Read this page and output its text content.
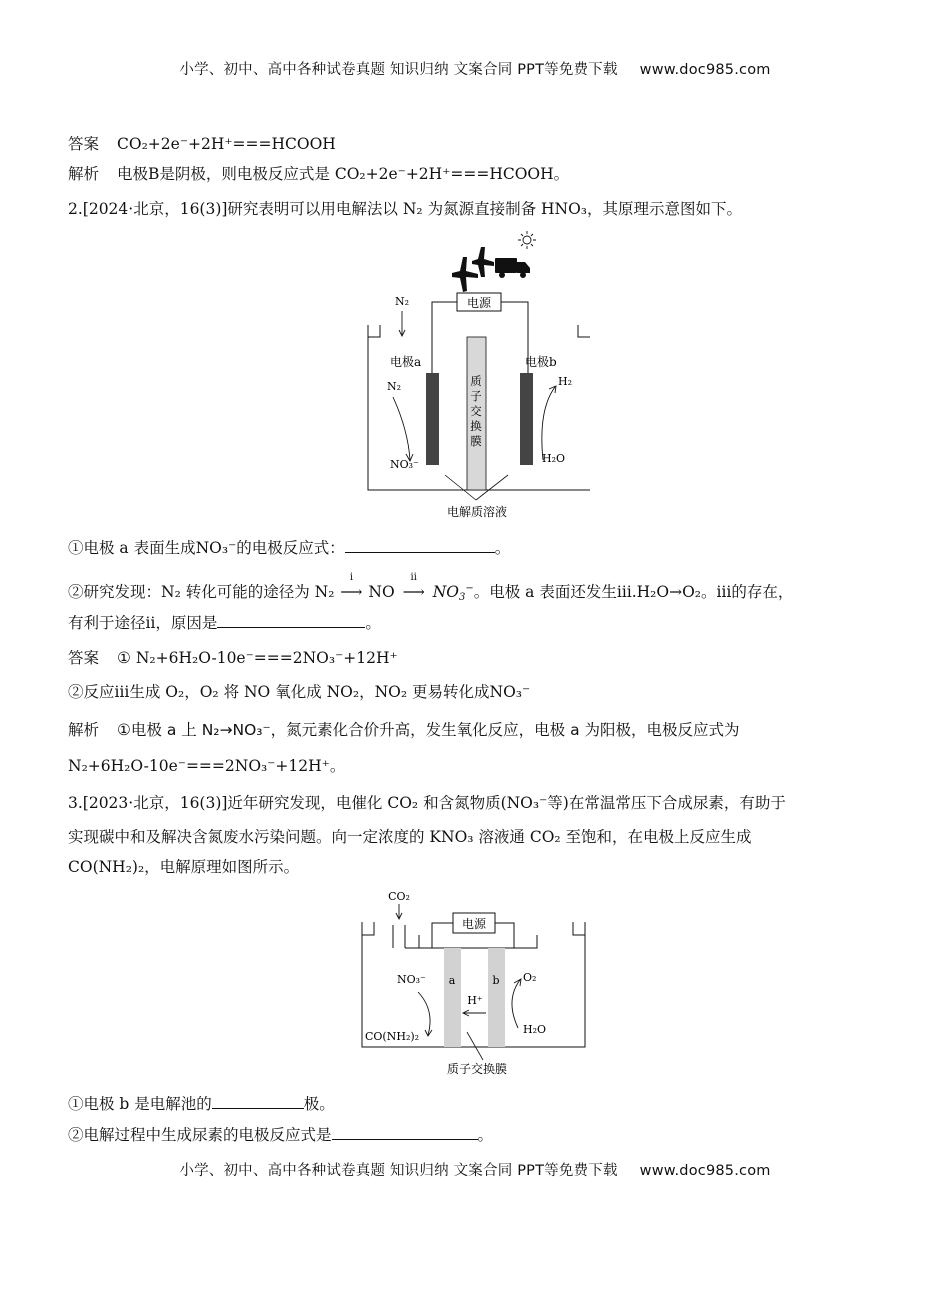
小学、初中、高中各种试卷真题 知识归纳 文案合同 PPT等免费下载 www.doc985.com
答案 CO₂+2e⁻+2H⁺===HCOOH
解析 电极B是阴极，则电极反应式是 CO₂+2e⁻+2H⁺===HCOOH。
2.[2024·北京，16(3)]研究表明可以用电解法以 N₂ 为氮源直接制备 HNO₃，其原理示意图如下。
电源
N₂
质子交换膜
电极a	电极b
N₂
NO₃⁻
H₂
H₂O
电解质溶液
①电极 a 表面生成NO₃⁻的电极反应式：	。
②研究发现：N₂ 转化可能的途径为 N₂
ⅰ
⟶ NO
ⅱ
⟶ $NO_3^-$。电极 a 表面还发生ⅲ.H₂O→O₂。ⅲ的存在，
有利于途径ⅱ，原因是	。
答案 ① N₂+6H₂O-10e⁻===2NO₃⁻+12H⁺
②反应ⅲ生成 O₂，O₂ 将 NO 氧化成 NO₂，NO₂ 更易转化成NO₃⁻
解析 ①电极 a 上 N₂→NO₃⁻，氮元素化合价升高，发生氧化反应，电极 a 为阳极，电极反应式为
N₂+6H₂O-10e⁻===2NO₃⁻+12H⁺。
3.[2023·北京，16(3)]近年研究发现，电催化 CO₂ 和含氮物质(NO₃⁻等)在常温常压下合成尿素，有助于
实现碳中和及解决含氮废水污染问题。向一定浓度的 KNO₃ 溶液通 CO₂ 至饱和，在电极上反应生成
CO(NH₂)₂，电解原理如图所示。
CO₂
电源
a	b
H⁺
NO₃⁻
CO(NH₂)₂
O₂
H₂O
质子交换膜
①电极 b 是电解池的	极。
②电解过程中生成尿素的电极反应式是	。
小学、初中、高中各种试卷真题 知识归纳 文案合同 PPT等免费下载 www.doc985.com
